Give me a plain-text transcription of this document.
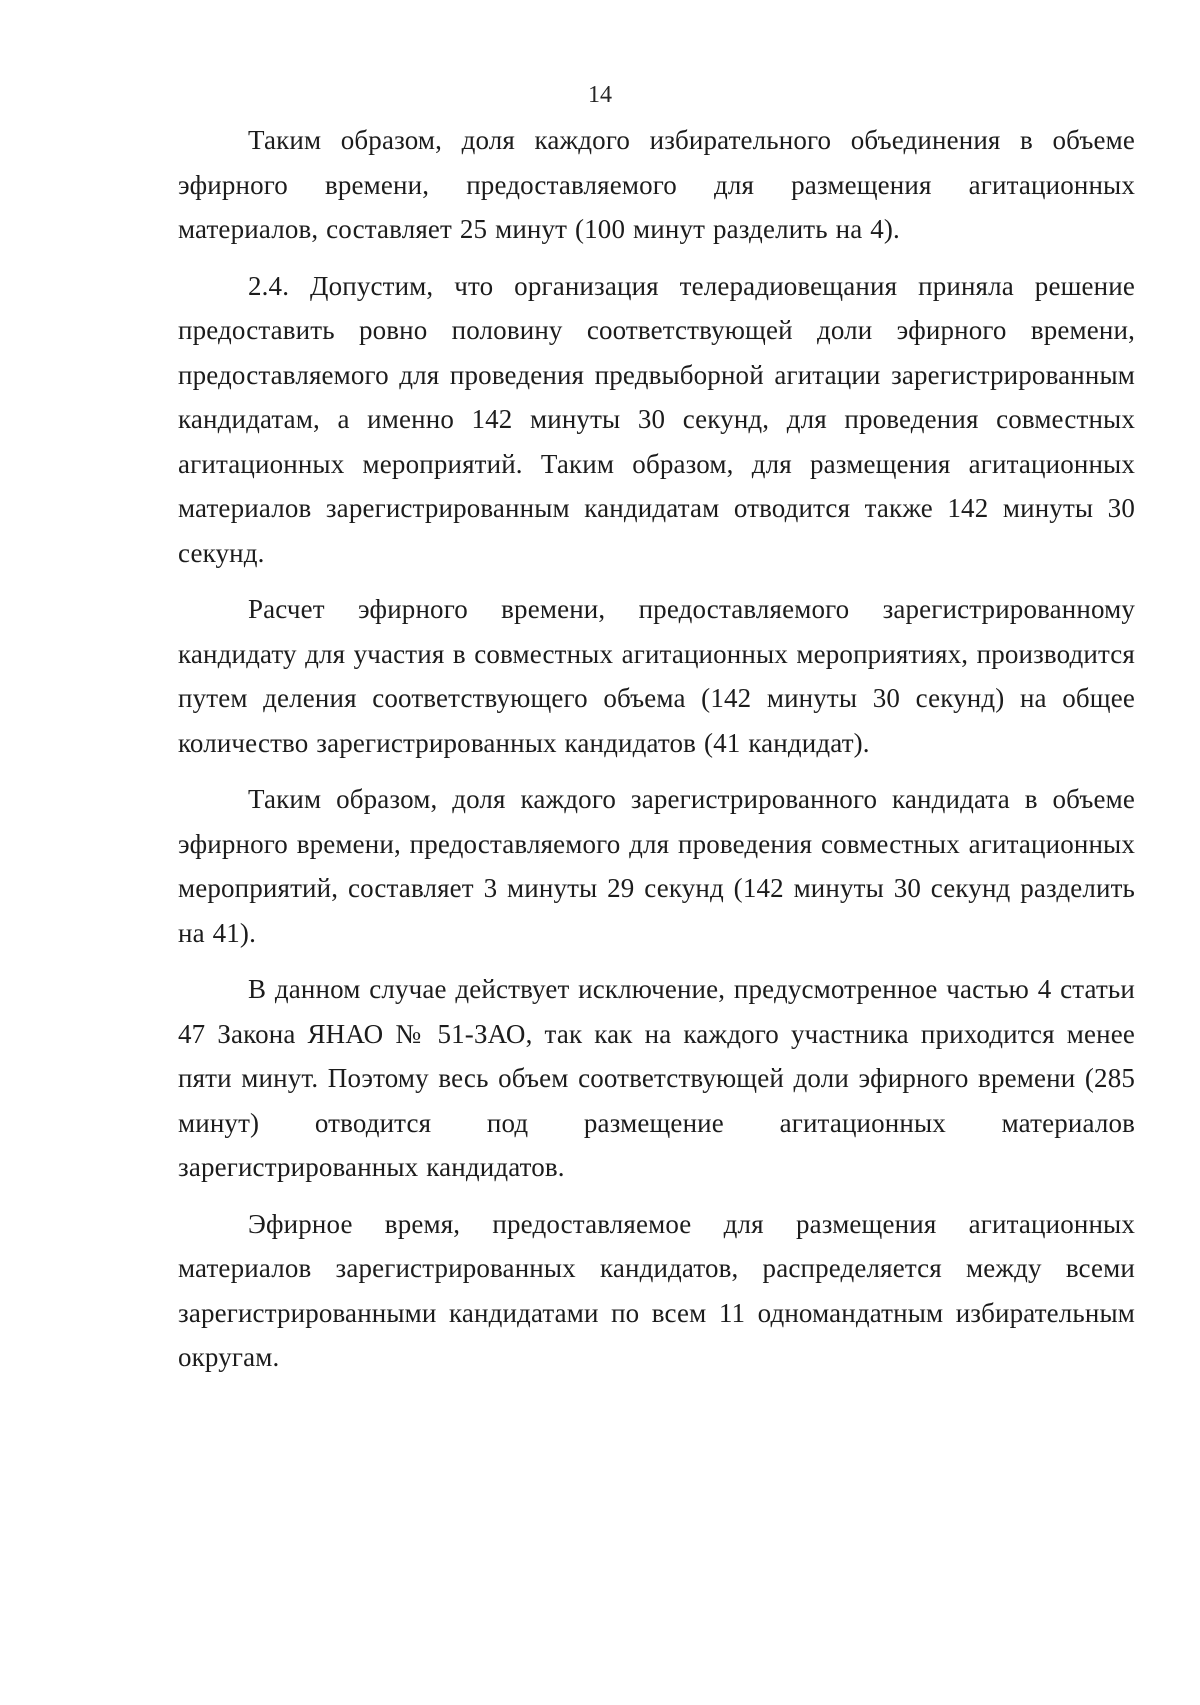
14

Таким образом, доля каждого избирательного объединения в объеме эфирного времени, предоставляемого для размещения агитационных материалов, составляет 25 минут (100 минут разделить на 4).

2.4. Допустим, что организация телерадиовещания приняла решение предоставить ровно половину соответствующей доли эфирного времени, предоставляемого для проведения предвыборной агитации зарегистрированным кандидатам, а именно 142 минуты 30 секунд, для проведения совместных агитационных мероприятий. Таким образом, для размещения агитационных материалов зарегистрированным кандидатам отводится также 142 минуты 30 секунд.

Расчет эфирного времени, предоставляемого зарегистрированному кандидату для участия в совместных агитационных мероприятиях, производится путем деления соответствующего объема (142 минуты 30 секунд) на общее количество зарегистрированных кандидатов (41 кандидат).

Таким образом, доля каждого зарегистрированного кандидата в объеме эфирного времени, предоставляемого для проведения совместных агитационных мероприятий, составляет 3 минуты 29 секунд (142 минуты 30 секунд разделить на 41).

В данном случае действует исключение, предусмотренное частью 4 статьи 47 Закона ЯНАО № 51-ЗАО, так как на каждого участника приходится менее пяти минут. Поэтому весь объем соответствующей доли эфирного времени (285 минут) отводится под размещение агитационных материалов зарегистрированных кандидатов.

Эфирное время, предоставляемое для размещения агитационных материалов зарегистрированных кандидатов, распределяется между всеми зарегистрированными кандидатами по всем 11 одномандатным избирательным округам.
